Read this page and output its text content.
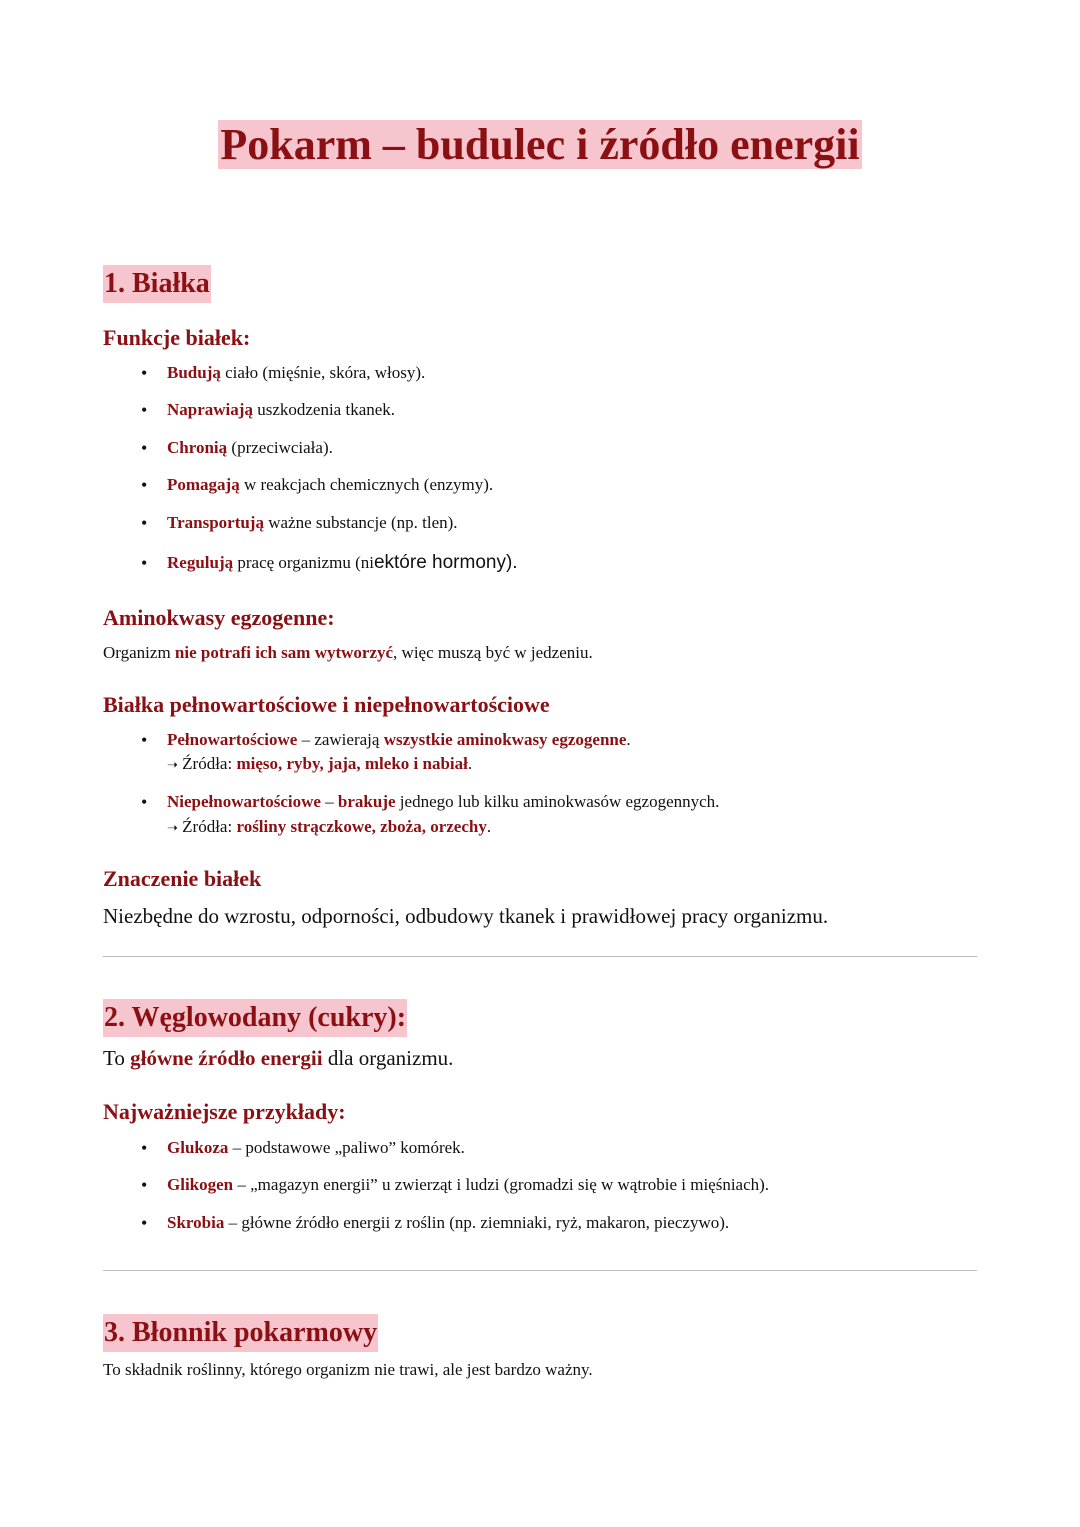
Pokarm – budulec i źródło energii
1. Białka
Funkcje białek:
• Budują ciało (mięśnie, skóra, włosy).
• Naprawiają uszkodzenia tkanek.
• Chronią (przeciwciała).
• Pomagają w reakcjach chemicznych (enzymy).
• Transportują ważne substancje (np. tlen).
• Regulują pracę organizmu (niektóre hormony).
Aminokwasy egzogenne:
Organizm nie potrafi ich sam wytworzyć, więc muszą być w jedzeniu.
Białka pełnowartościowe i niepełnowartościowe
• Pełnowartościowe – zawierają wszystkie aminokwasy egzogenne.
➝ Źródła: mięso, ryby, jaja, mleko i nabiał.
• Niepełnowartościowe – brakuje jednego lub kilku aminokwasów egzogennych.
➝ Źródła: rośliny strączkowe, zboża, orzechy.
Znaczenie białek
Niezbędne do wzrostu, odporności, odbudowy tkanek i prawidłowej pracy organizmu.
2. Węglowodany (cukry):
To główne źródło energii dla organizmu.
Najważniejsze przykłady:
• Glukoza – podstawowe „paliwo” komórek.
• Glikogen – „magazyn energii” u zwierząt i ludzi (gromadzi się w wątrobie i mięśniach).
• Skrobia – główne źródło energii z roślin (np. ziemniaki, ryż, makaron, pieczywo).
3. Błonnik pokarmowy
To składnik roślinny, którego organizm nie trawi, ale jest bardzo ważny.
